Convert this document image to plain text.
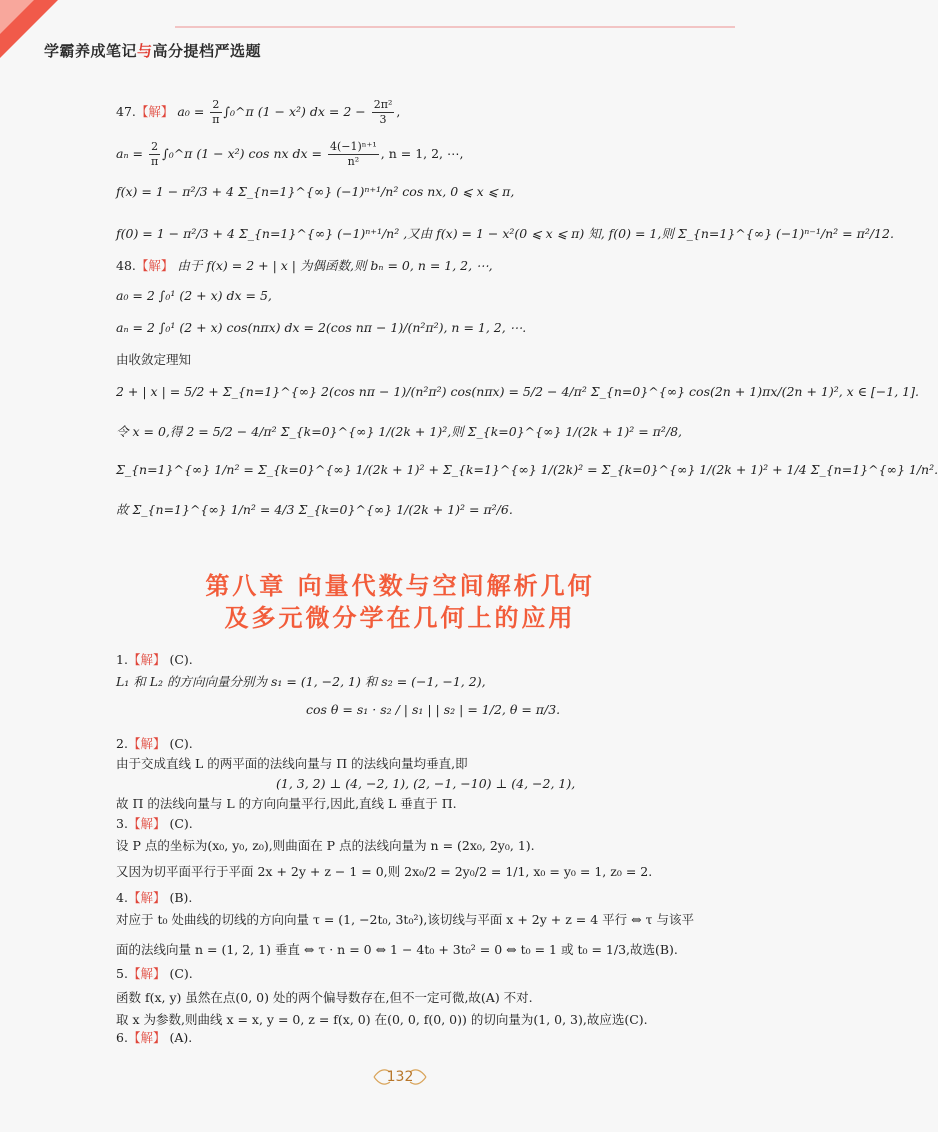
学霸养成笔记与高分提档严选题
47.【解】 $a_0 = \frac{2}{\pi}$ ∫₀^π (1 − x²) dx = $2 - \frac{\text{2π²}}{3}$ ,
$a_n = \frac{2}{\pi}$ ∫₀^π (1 − x²) cos nx dx = $\frac{\text{4(−1)ⁿ⁺¹}}{\text{n²}}$ , n = 1, 2, ⋯,
f(x) = 1 − π²/3 + 4 Σ_{n=1}^{∞} (−1)ⁿ⁺¹/n² cos nx, 0 ⩽ x ⩽ π,
f(0) = 1 − π²/3 + 4 Σ_{n=1}^{∞} (−1)ⁿ⁺¹/n² ,又由 f(x) = 1 − x²(0 ⩽ x ⩽ π) 知, f(0) = 1,则 Σ_{n=1}^{∞} (−1)ⁿ⁻¹/n² = π²/12.
48.【解】 由于 f(x) = 2 + | x | 为偶函数,则 bₙ = 0, n = 1, 2, ⋯,
a₀ = 2 ∫₀¹ (2 + x) dx = 5,
aₙ = 2 ∫₀¹ (2 + x) cos(nπx) dx = 2(cos nπ − 1)/(n²π²), n = 1, 2, ⋯.
由收敛定理知
2 + | x | = 5/2 + Σ_{n=1}^{∞} 2(cos nπ − 1)/(n²π²) cos(nπx) = 5/2 − 4/π² Σ_{n=0}^{∞} cos(2n + 1)πx/(2n + 1)², x ∈ [−1, 1].
令 x = 0,得 2 = 5/2 − 4/π² Σ_{k=0}^{∞} 1/(2k + 1)²,则 Σ_{k=0}^{∞} 1/(2k + 1)² = π²/8,
Σ_{n=1}^{∞} 1/n² = Σ_{k=0}^{∞} 1/(2k + 1)² + Σ_{k=1}^{∞} 1/(2k)² = Σ_{k=0}^{∞} 1/(2k + 1)² + 1/4 Σ_{n=1}^{∞} 1/n².
故 Σ_{n=1}^{∞} 1/n² = 4/3 Σ_{k=0}^{∞} 1/(2k + 1)² = π²/6.
第八章 向量代数与空间解析几何
及多元微分学在几何上的应用
1.【解】 (C).
L₁ 和 L₂ 的方向向量分别为 s₁ = (1, −2, 1) 和 s₂ = (−1, −1, 2),
cos θ = s₁ · s₂ / | s₁ | | s₂ | = 1/2, θ = π/3.
2.【解】 (C).
由于交成直线 L 的两平面的法线向量与 Π 的法线向量均垂直,即
(1, 3, 2) ⊥ (4, −2, 1), (2, −1, −10) ⊥ (4, −2, 1),
故 Π 的法线向量与 L 的方向向量平行,因此,直线 L 垂直于 Π.
3.【解】 (C).
设 P 点的坐标为(x₀, y₀, z₀),则曲面在 P 点的法线向量为 n = (2x₀, 2y₀, 1).
又因为切平面平行于平面 2x + 2y + z − 1 = 0,则 2x₀/2 = 2y₀/2 = 1/1, x₀ = y₀ = 1, z₀ = 2.
4.【解】 (B).
对应于 t₀ 处曲线的切线的方向向量 τ = (1, −2t₀, 3t₀²),该切线与平面 x + 2y + z = 4 平行 ⇔ τ 与该平
面的法线向量 n = (1, 2, 1) 垂直 ⇔ τ · n = 0 ⇔ 1 − 4t₀ + 3t₀² = 0 ⇔ t₀ = 1 或 t₀ = 1/3,故选(B).
5.【解】 (C).
函数 f(x, y) 虽然在点(0, 0) 处的两个偏导数存在,但不一定可微,故(A) 不对.
取 x 为参数,则曲线 x = x, y = 0, z = f(x, 0) 在(0, 0, f(0, 0)) 的切向量为(1, 0, 3),故应选(C).
6.【解】 (A).
132
